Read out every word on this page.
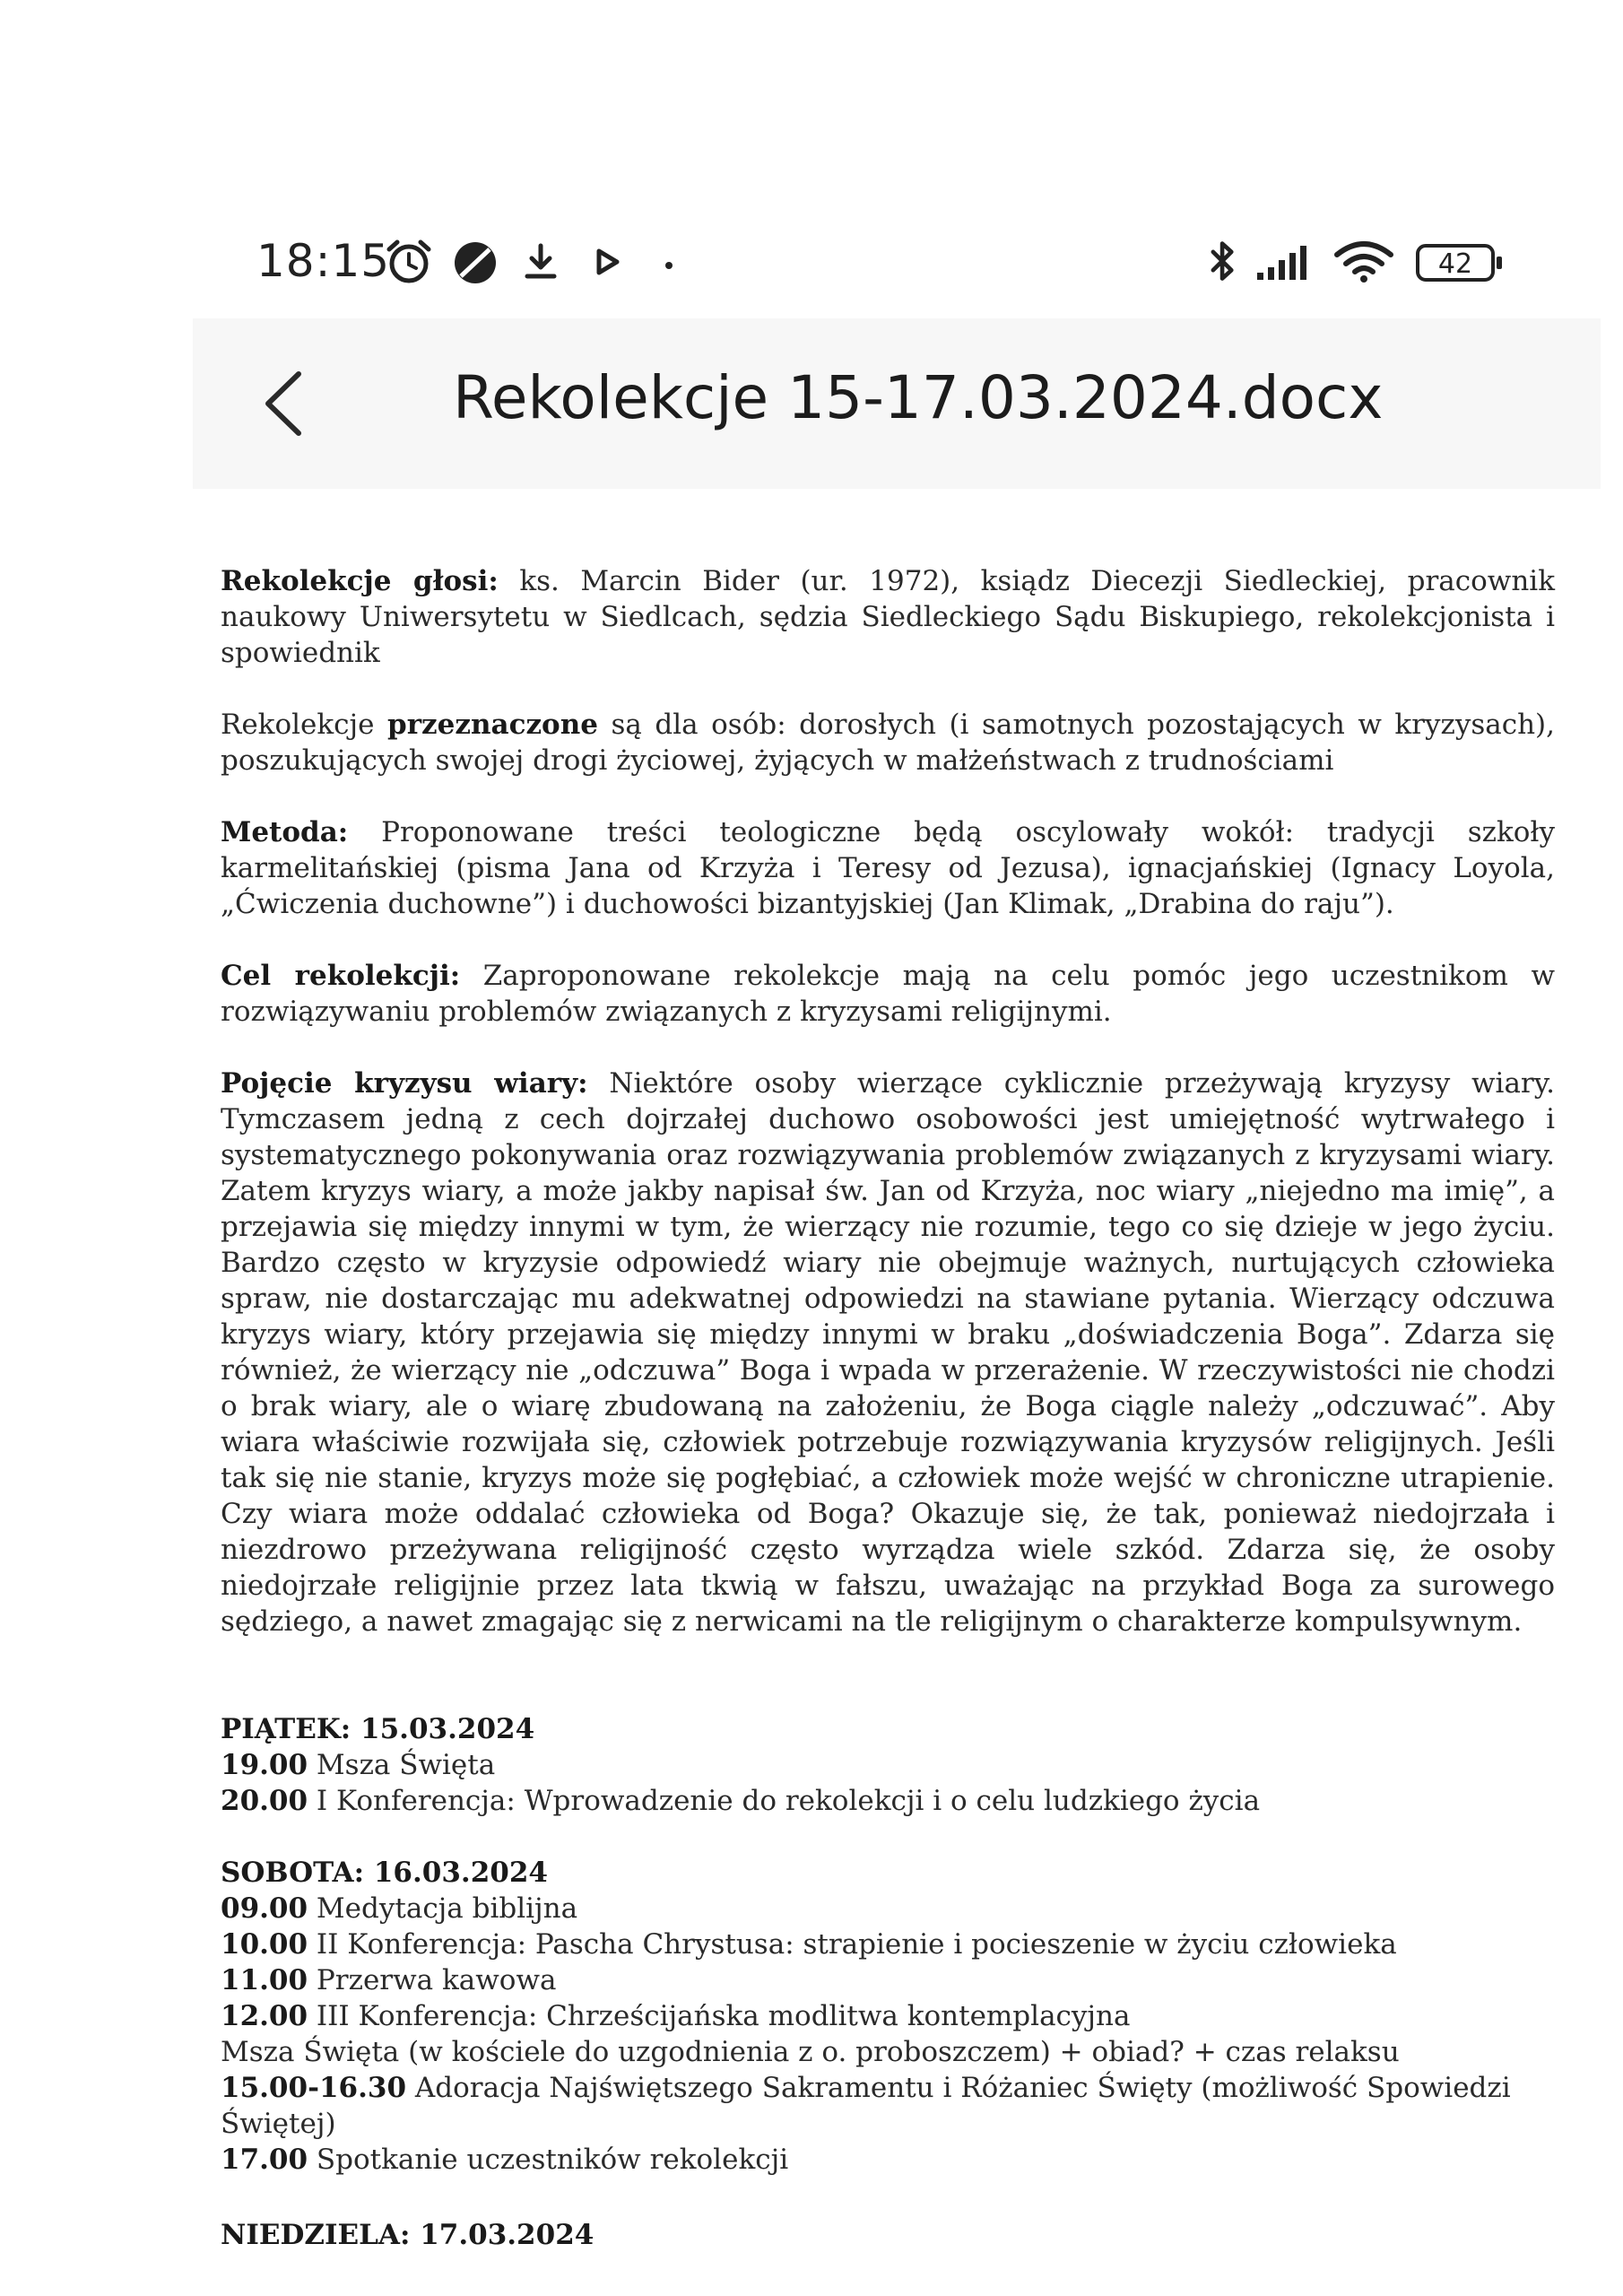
18:15	42
Rekolekcje 15-17.03.2024.docx

Rekolekcje głosi: ks. Marcin Bider (ur. 1972), ksiądz Diecezji Siedleckiej, pracownik naukowy Uniwersytetu w Siedlcach, sędzia Siedleckiego Sądu Biskupiego, rekolekcjonista i spowiednik

Rekolekcje przeznaczone są dla osób: dorosłych (i samotnych pozostających w kryzysach), poszukujących swojej drogi życiowej, żyjących w małżeństwach z trudnościami

Metoda: Proponowane treści teologiczne będą oscylowały wokół: tradycji szkoły karmelitańskiej (pisma Jana od Krzyża i Teresy od Jezusa), ignacjańskiej (Ignacy Loyola, „Ćwiczenia duchowne”) i duchowości bizantyjskiej (Jan Klimak, „Drabina do raju”).

Cel rekolekcji: Zaproponowane rekolekcje mają na celu pomóc jego uczestnikom w rozwiązywaniu problemów związanych z kryzysami religijnymi.

Pojęcie kryzysu wiary: Niektóre osoby wierzące cyklicznie przeżywają kryzysy wiary. Tymczasem jedną z cech dojrzałej duchowo osobowości jest umiejętność wytrwałego i systematycznego pokonywania oraz rozwiązywania problemów związanych z kryzysami wiary. Zatem kryzys wiary, a może jakby napisał św. Jan od Krzyża, noc wiary „niejedno ma imię”, a przejawia się między innymi w tym, że wierzący nie rozumie, tego co się dzieje w jego życiu. Bardzo często w kryzysie odpowiedź wiary nie obejmuje ważnych, nurtujących człowieka spraw, nie dostarczając mu adekwatnej odpowiedzi na stawiane pytania. Wierzący odczuwa kryzys wiary, który przejawia się między innymi w braku „doświadczenia Boga”. Zdarza się również, że wierzący nie „odczuwa” Boga i wpada w przerażenie. W rzeczywistości nie chodzi o brak wiary, ale o wiarę zbudowaną na założeniu, że Boga ciągle należy „odczuwać”. Aby wiara właściwie rozwijała się, człowiek potrzebuje rozwiązywania kryzysów religijnych. Jeśli tak się nie stanie, kryzys może się pogłębiać, a człowiek może wejść w chroniczne utrapienie. Czy wiara może oddalać człowieka od Boga? Okazuje się, że tak, ponieważ niedojrzała i niezdrowo przeżywana religijność często wyrządza wiele szkód. Zdarza się, że osoby niedojrzałe religijnie przez lata tkwią w fałszu, uważając na przykład Boga za surowego sędziego, a nawet zmagając się z nerwicami na tle religijnym o charakterze kompulsywnym.

PIĄTEK: 15.03.2024

19.00 Msza Święta

20.00 I Konferencja: Wprowadzenie do rekolekcji i o celu ludzkiego życia

SOBOTA: 16.03.2024

09.00 Medytacja biblijna

10.00 II Konferencja: Pascha Chrystusa: strapienie i pocieszenie w życiu człowieka

11.00 Przerwa kawowa

12.00 III Konferencja: Chrześcijańska modlitwa kontemplacyjna

Msza Święta (w kościele do uzgodnienia z o. proboszczem) + obiad? + czas relaksu

15.00-16.30 Adoracja Najświętszego Sakramentu i Różaniec Święty (możliwość Spowiedzi Świętej)

17.00 Spotkanie uczestników rekolekcji

NIEDZIELA: 17.03.2024
